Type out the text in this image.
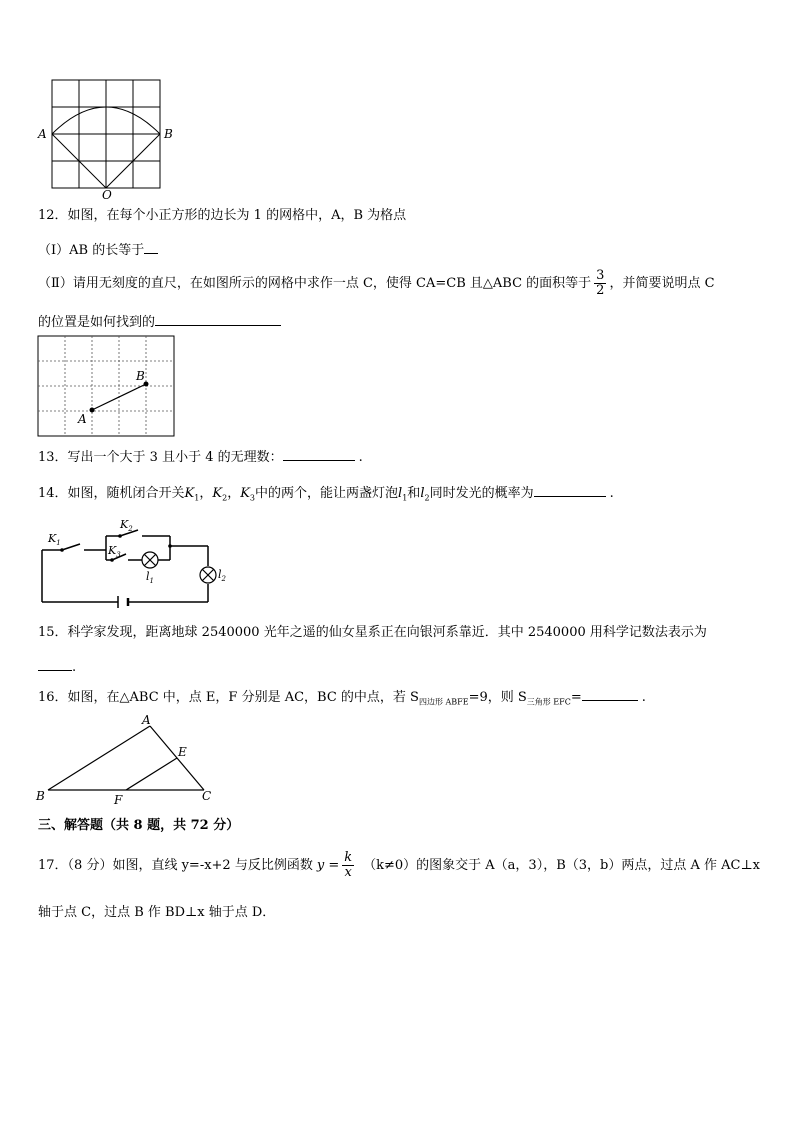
A	B
O
12．如图，在每个小正方形的边长为 1 的网格中，A，B 为格点
（Ⅰ）AB 的长等于
（Ⅱ）请用无刻度的直尺，在如图所示的网格中求作一点 C，使得 CA=CB 且△ABC 的面积等于 $\frac{3}{2}$ ，并简要说明点 C
的位置是如何找到的
A
B
13．写出一个大于 3 且小于 4 的无理数：	.
14．如图，随机闭合开关$K_1$，$K_2$，$K_3$中的两个，能让两盏灯泡$l_1$和$l_2$同时发光的概率为	.
$K_1$
$K_2$
$K_3$
$l_1$	$l_2$
15．科学家发现，距离地球 2540000 光年之遥的仙女星系正在向银河系靠近．其中 2540000 用科学记数法表示为
.
16．如图，在△ABC 中，点 E，F 分别是 AC，BC 的中点，若 $S_{四边形 ABFE}=9$，则 $S_{三角形 EFC}=$	.
A
B	C
E
F
三、解答题（共 8 题，共 72 分）
17．（8 分）如图，直线 y=-x+2 与反比例函数 $y = \frac{k}{x} (k\ne 0)$的图象交于 A（a，3），B（3，b）两点，过点 A 作 AC⊥x
轴于点 C，过点 B 作 BD⊥x 轴于点 D．
